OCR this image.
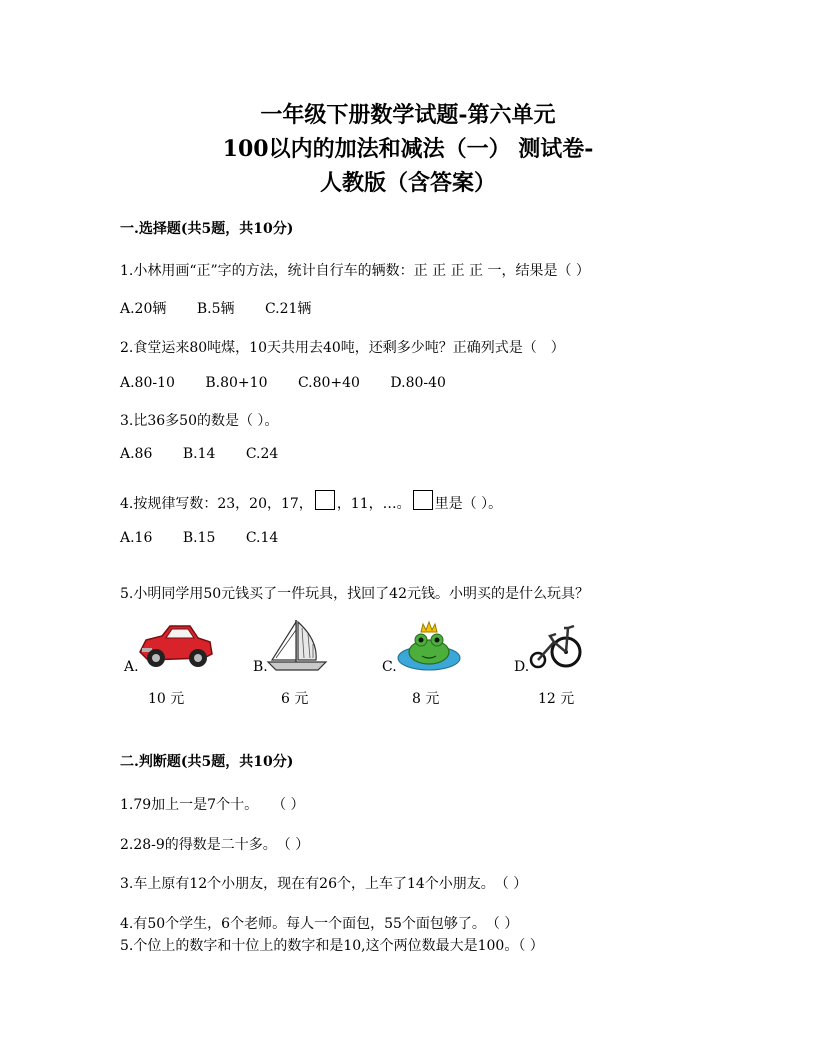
一年级下册数学试题-第六单元
100以内的加法和减法（一） 测试卷-
人教版（含答案）
一.选择题(共5题，共10分)
1.小林用画“正”字的方法，统计自行车的辆数：正 正 正 正 一，结果是（ ）
A.20辆 B.5辆 C.21辆
2.食堂运来80吨煤，10天共用去40吨，还剩多少吨？正确列式是（　）
A.80-10 B.80+10 C.80+40 D.80-40
3.比36多50的数是（ ）。
A.86 B.14 C.24
4.按规律写数：23，20，17， ，11，…。 里是（ ）。
A.16 B.15 C.14
5.小明同学用50元钱买了一件玩具，找回了42元钱。小明买的是什么玩具？
A.
10 元
B.
6 元
C.
8 元
D.
12 元
二.判断题(共5题，共10分)
1.79加上一是7个十。　　（ ）
2.28-9的得数是二十多。　（ ）
3.车上原有12个小朋友，现在有26个，上车了14个小朋友。　（ ）
4.有50个学生，6个老师。每人一个面包，55个面包够了。　（ ）
5.个位上的数字和十位上的数字和是10,这个两位数最大是100。（ ）
